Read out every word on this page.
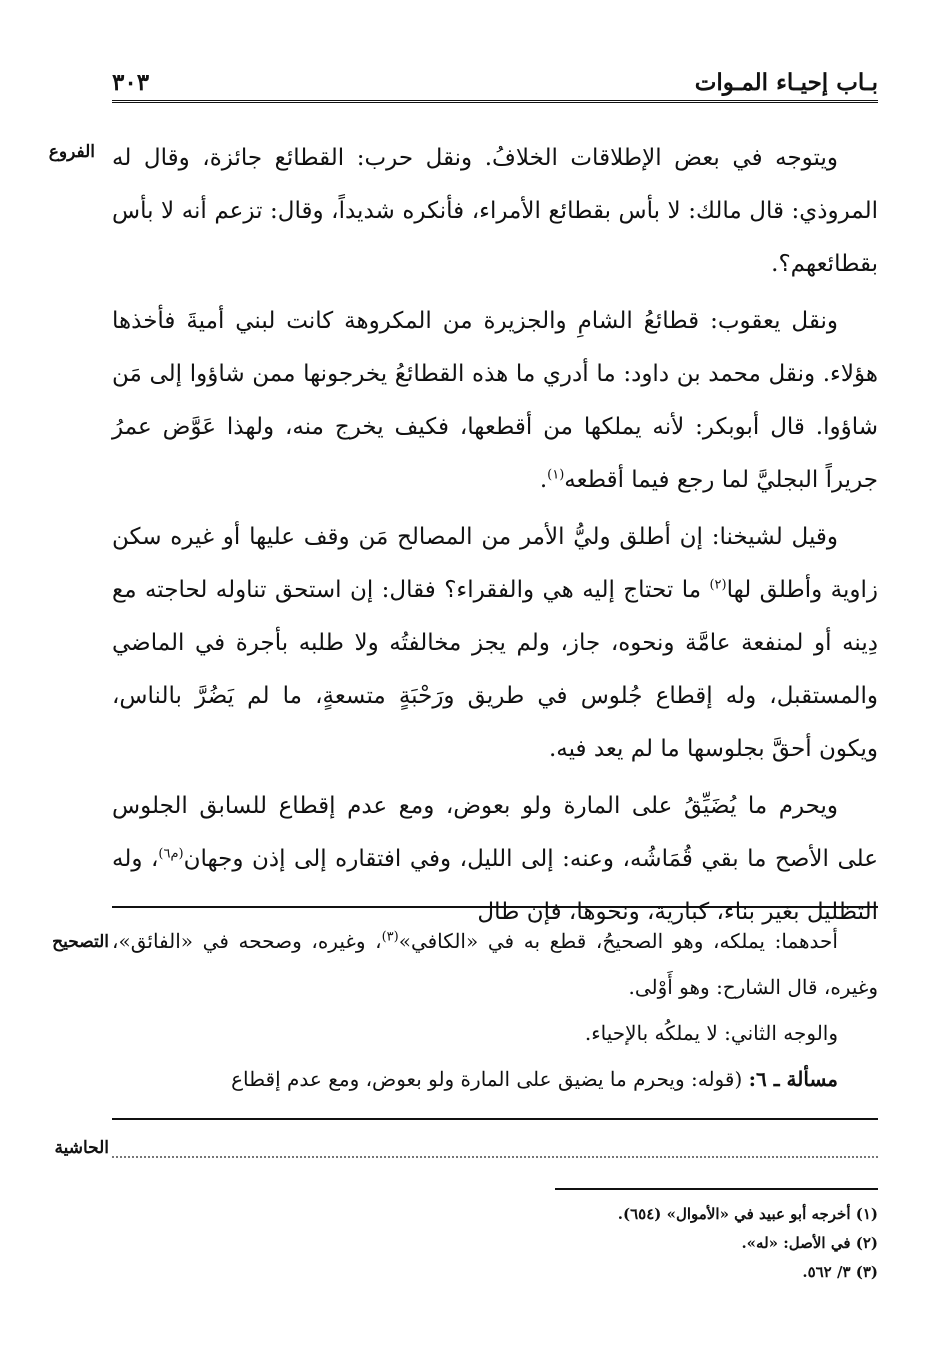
بـاب إحيـاء المـوات
٣٠٣
الفروع ويتوجه في بعض الإطلاقات الخلافُ. ونقل حرب: القطائع جائزة، وقال له المروذي: قال مالك: لا بأس بقطائع الأمراء، فأنكره شديداً، وقال: تزعم أنه لا بأس بقطائعهم؟.

ونقل يعقوب: قطائعُ الشامِ والجزيرة من المكروهة كانت لبني أميةَ فأخذها هؤلاء. ونقل محمد بن داود: ما أدري ما هذه القطائعُ يخرجونها ممن شاؤوا إلى مَن شاؤوا. قال أبوبكر: لأنه يملكها من أقطعها، فكيف يخرج منه، ولهذا عَوَّض عمرُ جريراً البجليَّ لما رجع فيما أقطعه$^{(١)}$.

وقيل لشيخنا: إن أطلق وليُّ الأمر من المصالح مَن وقف عليها أو غيره سكن زاوية وأطلق لها$^{(٢)}$ ما تحتاج إليه هي والفقراء؟ فقال: إن استحق تناوله لحاجته مع دِينه أو لمنفعة عامَّة ونحوه، جاز، ولم يجز مخالفتُه ولا طلبه بأجرة في الماضي والمستقبل، وله إقطاع جُلوس في طريق ورَحْبَةٍ متسعةٍ، ما لم يَضُرَّ بالناس، ويكون أحقَّ بجلوسها ما لم يعد فيه.

ويحرم ما يُضَيِّقُ على المارة ولو بعوض، ومع عدم إقطاع للسابق الجلوس على الأصح ما بقي قُمَاشُه، وعنه: إلى الليل، وفي افتقاره إلى إذن وجهان$^{(م٦)}$، وله التظليل بغير بناء، كبارية، ونحوها، فإن طال

التصحيح	أحدهما: يملكه، وهو الصحيحُ، قطع به في «الكافي»$^{(٣)}$، وغيره، وصححه في «الفائق»، وغيره، قال الشارح: وهو أَوْلى.

والوجه الثاني: لا يملكُه بالإحياء.

مسألة ـ ٦: (قوله: ويحرم ما يضيق على المارة ولو بعوض، ومع عدم إقطاع

الحاشية
(١) أخرجه أبو عبيد في «الأموال» (٦٥٤).
(٢) في الأصل: «له».
(٣) ٣/ ٥٦٢.
